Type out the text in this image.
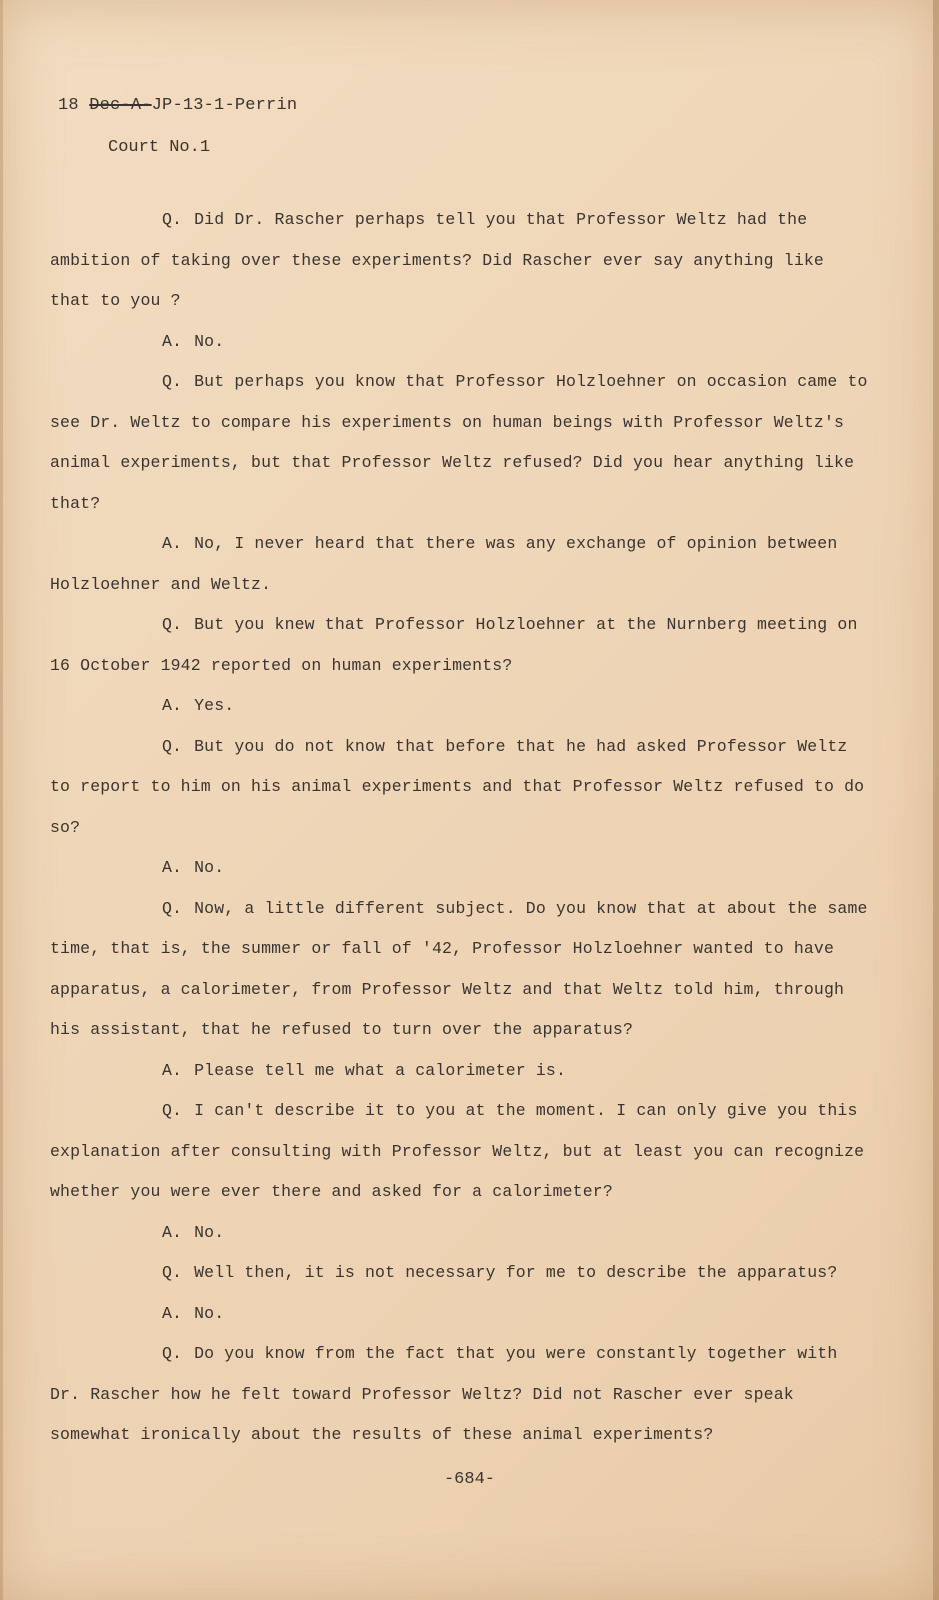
18 Dec-A-JP-13-1-Perrin
Court No.1

Q. Did Dr. Rascher perhaps tell you that Professor Weltz had the ambition of taking over these experiments? Did Rascher ever say anything like that to you ?

A. No.

Q. But perhaps you know that Professor Holzloehner on occasion came to see Dr. Weltz to compare his experiments on human beings with Professor Weltz's animal experiments, but that Professor Weltz refused? Did you hear anything like that?

A. No, I never heard that there was any exchange of opinion between Holzloehner and Weltz.

Q. But you knew that Professor Holzloehner at the Nurnberg meeting on 16 October 1942 reported on human experiments?

A. Yes.

Q. But you do not know that before that he had asked Professor Weltz to report to him on his animal experiments and that Professor Weltz refused to do so?

A. No.

Q. Now, a little different subject. Do you know that at about the same time, that is, the summer or fall of '42, Professor Holzloehner wanted to have apparatus, a calorimeter, from Professor Weltz and that Weltz told him, through his assistant, that he refused to turn over the apparatus?

A. Please tell me what a calorimeter is.

Q. I can't describe it to you at the moment. I can only give you this explanation after consulting with Professor Weltz, but at least you can recognize whether you were ever there and asked for a calorimeter?

A. No.

Q. Well then, it is not necessary for me to describe the apparatus?

A. No.

Q. Do you know from the fact that you were constantly together with Dr. Rascher how he felt toward Professor Weltz? Did not Rascher ever speak somewhat ironically about the results of these animal experiments?

-684-
